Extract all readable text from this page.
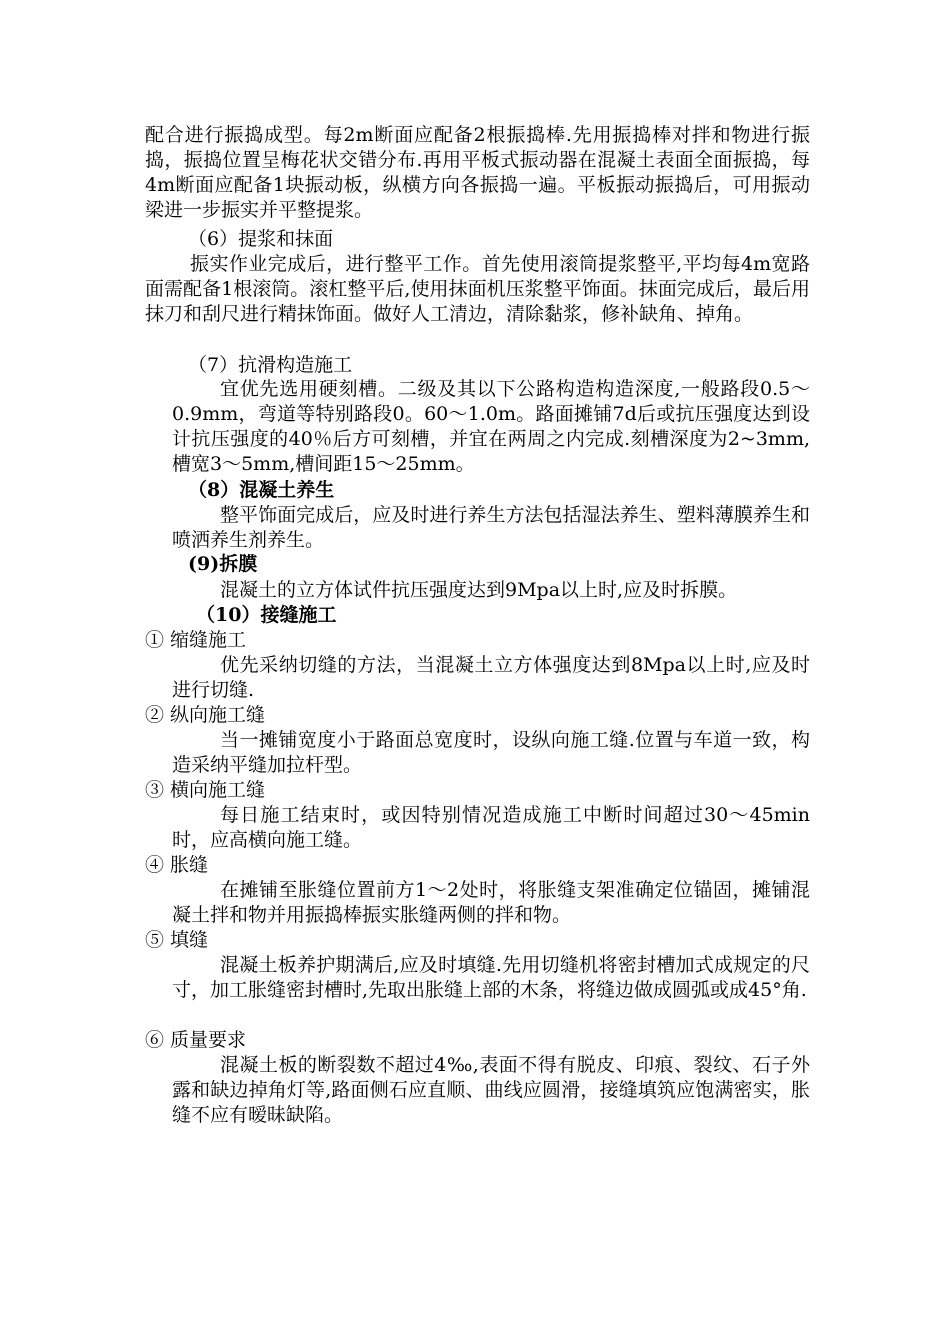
配合进行振捣成型。每2m断面应配备2根振捣棒.先用振捣棒对拌和物进行振捣，振捣位置呈梅花状交错分布.再用平板式振动器在混凝土表面全面振捣，每4m断面应配备1块振动板，纵横方向各振捣一遍。平板振动振捣后，可用振动梁进一步振实并平整提浆。

（6）提浆和抹面

振实作业完成后，进行整平工作。首先使用滚筒提浆整平,平均每4m宽路面需配备1根滚筒。滚杠整平后,使用抹面机压浆整平饰面。抹面完成后，最后用抹刀和刮尺进行精抹饰面。做好人工清边，清除黏浆，修补缺角、掉角。

（7）抗滑构造施工

宜优先选用硬刻槽。二级及其以下公路构造构造深度,一般路段0.5～0.9mm，弯道等特别路段0。60～1.0m。路面摊铺7d后或抗压强度达到设计抗压强度的40％后方可刻槽，并宜在两周之内完成.刻槽深度为2~3mm,槽宽3～5mm,槽间距15～25mm。

（8）混凝土养生

整平饰面完成后，应及时进行养生方法包括湿法养生、塑料薄膜养生和喷洒养生剂养生。

(9)拆膜

混凝土的立方体试件抗压强度达到9Mpa以上时,应及时拆膜。

（10）接缝施工
① 缩缝施工

优先采纳切缝的方法，当混凝土立方体强度达到8Mpa以上时,应及时进行切缝.

② 纵向施工缝

当一摊铺宽度小于路面总宽度时，设纵向施工缝.位置与车道一致，构造采纳平缝加拉杆型。

③ 横向施工缝

每日施工结束时，或因特别情况造成施工中断时间超过30～45min时，应高横向施工缝。

④ 胀缝

在摊铺至胀缝位置前方1～2处时，将胀缝支架准确定位锚固，摊铺混凝土拌和物并用振捣棒振实胀缝两侧的拌和物。

⑤ 填缝

混凝土板养护期满后,应及时填缝.先用切缝机将密封槽加式成规定的尺寸，加工胀缝密封槽时,先取出胀缝上部的木条，将缝边做成圆弧或成45°角.

⑥ 质量要求

混凝土板的断裂数不超过4‰,表面不得有脱皮、印痕、裂纹、石子外露和缺边掉角灯等,路面侧石应直顺、曲线应圆滑，接缝填筑应饱满密实，胀缝不应有暧昧缺陷。
